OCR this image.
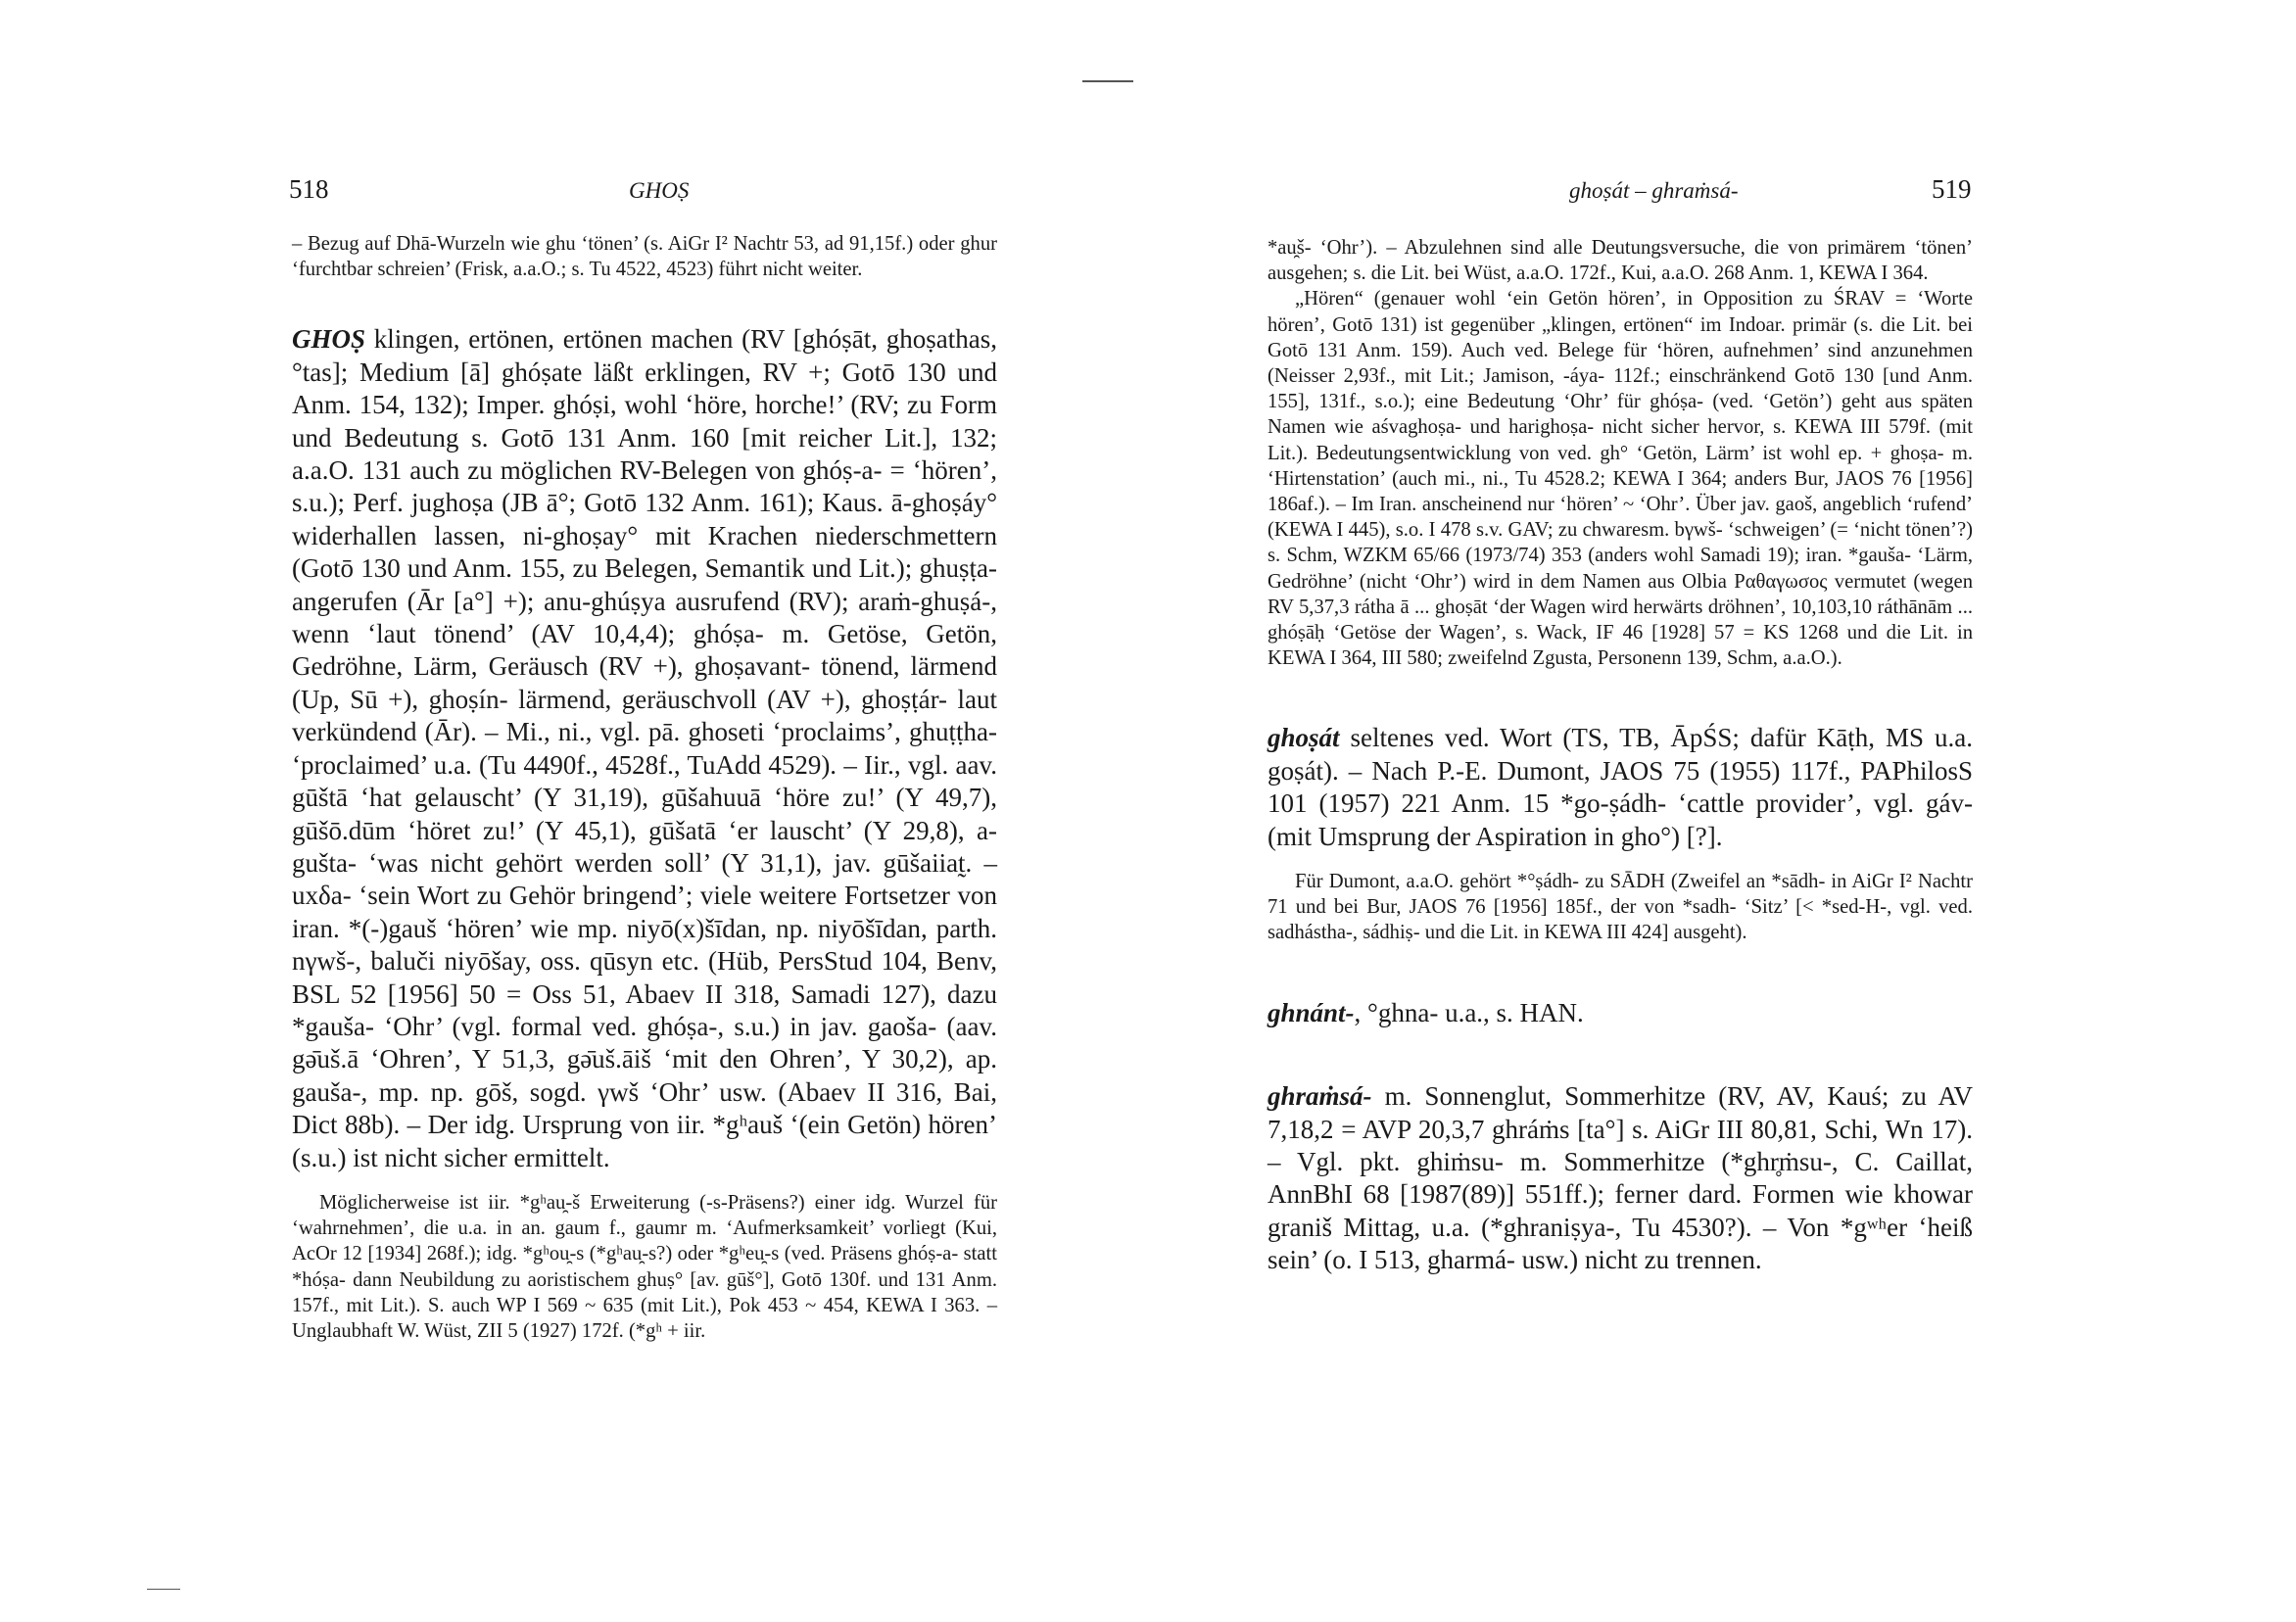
518	GHOṢ

– Bezug auf Dhā-Wurzeln wie ghu ‘tönen’ (s. AiGr I² Nachtr 53, ad 91,15f.) oder ghur ‘furchtbar schreien’ (Frisk, a.a.O.; s. Tu 4522, 4523) führt nicht weiter.

GHOṢ klingen, ertönen, ertönen machen (RV [ghóṣāt, ghoṣathas, °tas]; Medium [ā] ghóṣate läßt erklingen, RV +; Gotō 130 und Anm. 154, 132); Imper. ghóṣi, wohl ‘höre, horche!’ (RV; zu Form und Bedeutung s. Gotō 131 Anm. 160 [mit reicher Lit.], 132; a.a.O. 131 auch zu möglichen RV-Belegen von ghóṣ-a- = ‘hören’, s.u.); Perf. jughoṣa (JB ā°; Gotō 132 Anm. 161); Kaus. ā-ghoṣáy° widerhallen lassen, ni-ghoṣay° mit Krachen niederschmettern (Gotō 130 und Anm. 155, zu Belegen, Semantik und Lit.); ghuṣṭa- angerufen (Ār [a°] +); anu-ghúṣya ausrufend (RV); araṁ-ghuṣá-, wenn ‘laut tönend’ (AV 10,4,4); ghóṣa- m. Getöse, Getön, Gedröhne, Lärm, Geräusch (RV +), ghoṣavant- tönend, lärmend (Up, Sū +), ghoṣín- lärmend, geräuschvoll (AV +), ghoṣṭár- laut verkündend (Ār). – Mi., ni., vgl. pā. ghoseti ‘proclaims’, ghuṭṭha- ‘proclaimed’ u.a. (Tu 4490f., 4528f., TuAdd 4529). – Iir., vgl. aav. gūštā ‘hat gelauscht’ (Y 31,19), gūšahuuā ‘höre zu!’ (Y 49,7), gūšō.dūm ‘höret zu!’ (Y 45,1), gūšatā ‘er lauscht’ (Y 29,8), a-gušta- ‘was nicht gehört werden soll’ (Y 31,1), jav. gūšaiiat̰. – uxδa- ‘sein Wort zu Gehör bringend’; viele weitere Fortsetzer von iran. *(-)gauš ‘hören’ wie mp. niyō(x)šīdan, np. niyōšīdan, parth. nγwš-, baluči niyōšay, oss. qūsyn etc. (Hüb, PersStud 104, Benv, BSL 52 [1956] 50 = Oss 51, Abaev II 318, Samadi 127), dazu *gauša- ‘Ohr’ (vgl. formal ved. ghóṣa-, s.u.) in jav. gaoša- (aav. gə̄uš.ā ‘Ohren’, Y 51,3, gə̄uš.āiš ‘mit den Ohren’, Y 30,2), ap. gauša-, mp. np. gōš, sogd. γwš ‘Ohr’ usw. (Abaev II 316, Bai, Dict 88b). – Der idg. Ursprung von iir. *gʰauš ‘(ein Getön) hören’ (s.u.) ist nicht sicher ermittelt.

Möglicherweise ist iir. *gʰau̯-š Erweiterung (-s-Präsens?) einer idg. Wurzel für ‘wahrnehmen’, die u.a. in an. gaum f., gaumr m. ‘Aufmerksamkeit’ vorliegt (Kui, AcOr 12 [1934] 268f.); idg. *gʰou̯-s (*gʰau̯-s?) oder *gʰeu̯-s (ved. Präsens ghóṣ-a- statt *hóṣa- dann Neubildung zu aoristischem ghuṣ° [av. gūš°], Gotō 130f. und 131 Anm. 157f., mit Lit.). S. auch WP I 569 ~ 635 (mit Lit.), Pok 453 ~ 454, KEWA I 363. – Unglaubhaft W. Wüst, ZII 5 (1927) 172f. (*gʰ + iir.

ghoṣát – ghraṁsá-	519

*au̯š- ‘Ohr’). – Abzulehnen sind alle Deutungsversuche, die von primärem ‘tönen’ ausgehen; s. die Lit. bei Wüst, a.a.O. 172f., Kui, a.a.O. 268 Anm. 1, KEWA I 364.

„Hören“ (genauer wohl ‘ein Getön hören’, in Opposition zu ŚRAV = ‘Worte hören’, Gotō 131) ist gegenüber „klingen, ertönen“ im Indoar. primär (s. die Lit. bei Gotō 131 Anm. 159). Auch ved. Belege für ‘hören, aufnehmen’ sind anzunehmen (Neisser 2,93f., mit Lit.; Jamison, -áya- 112f.; einschränkend Gotō 130 [und Anm. 155], 131f., s.o.); eine Bedeutung ‘Ohr’ für ghóṣa- (ved. ‘Getön’) geht aus späten Namen wie aśvaghoṣa- und harighoṣa- nicht sicher hervor, s. KEWA III 579f. (mit Lit.). Bedeutungsentwicklung von ved. gh° ‘Getön, Lärm’ ist wohl ep. + ghoṣa- m. ‘Hirtenstation’ (auch mi., ni., Tu 4528.2; KEWA I 364; anders Bur, JAOS 76 [1956] 186af.). – Im Iran. anscheinend nur ‘hören’ ~ ‘Ohr’. Über jav. gaoš, angeblich ‘rufend’ (KEWA I 445), s.o. I 478 s.v. GAV; zu chwaresm. bγwš- ‘schweigen’ (= ‘nicht tönen’?) s. Schm, WZKM 65/66 (1973/74) 353 (anders wohl Samadi 19); iran. *gauša- ‘Lärm, Gedröhne’ (nicht ‘Ohr’) wird in dem Namen aus Olbia Ραθαγωσος vermutet (wegen RV 5,37,3 rátha ā ... ghoṣāt ‘der Wagen wird herwärts dröhnen’, 10,103,10 ráthānām ... ghóṣāḥ ‘Getöse der Wagen’, s. Wack, IF 46 [1928] 57 = KS 1268 und die Lit. in KEWA I 364, III 580; zweifelnd Zgusta, Personenn 139, Schm, a.a.O.).

ghoṣát seltenes ved. Wort (TS, TB, ĀpŚS; dafür Kāṭh, MS u.a. goṣát). – Nach P.-E. Dumont, JAOS 75 (1955) 117f., PAPhilosS 101 (1957) 221 Anm. 15 *go-ṣádh- ‘cattle provider’, vgl. gáv- (mit Umsprung der Aspiration in gho°) [?].

Für Dumont, a.a.O. gehört *°ṣádh- zu SĀDH (Zweifel an *sādh- in AiGr I² Nachtr 71 und bei Bur, JAOS 76 [1956] 185f., der von *sadh- ‘Sitz’ [< *sed-H-, vgl. ved. sadhástha-, sádhiṣ- und die Lit. in KEWA III 424] ausgeht).

ghnánt-, °ghna- u.a., s. HAN.

ghraṁsá- m. Sonnenglut, Sommerhitze (RV, AV, Kauś; zu AV 7,18,2 = AVP 20,3,7 ghráṁs [ta°] s. AiGr III 80,81, Schi, Wn 17). – Vgl. pkt. ghiṁsu- m. Sommerhitze (*ghr̥ṁsu-, C. Caillat, AnnBhI 68 [1987(89)] 551ff.); ferner dard. Formen wie khowar graniš Mittag, u.a. (*ghraniṣya-, Tu 4530?). – Von *gʷʰer ‘heiß sein’ (o. I 513, gharmá- usw.) nicht zu trennen.
